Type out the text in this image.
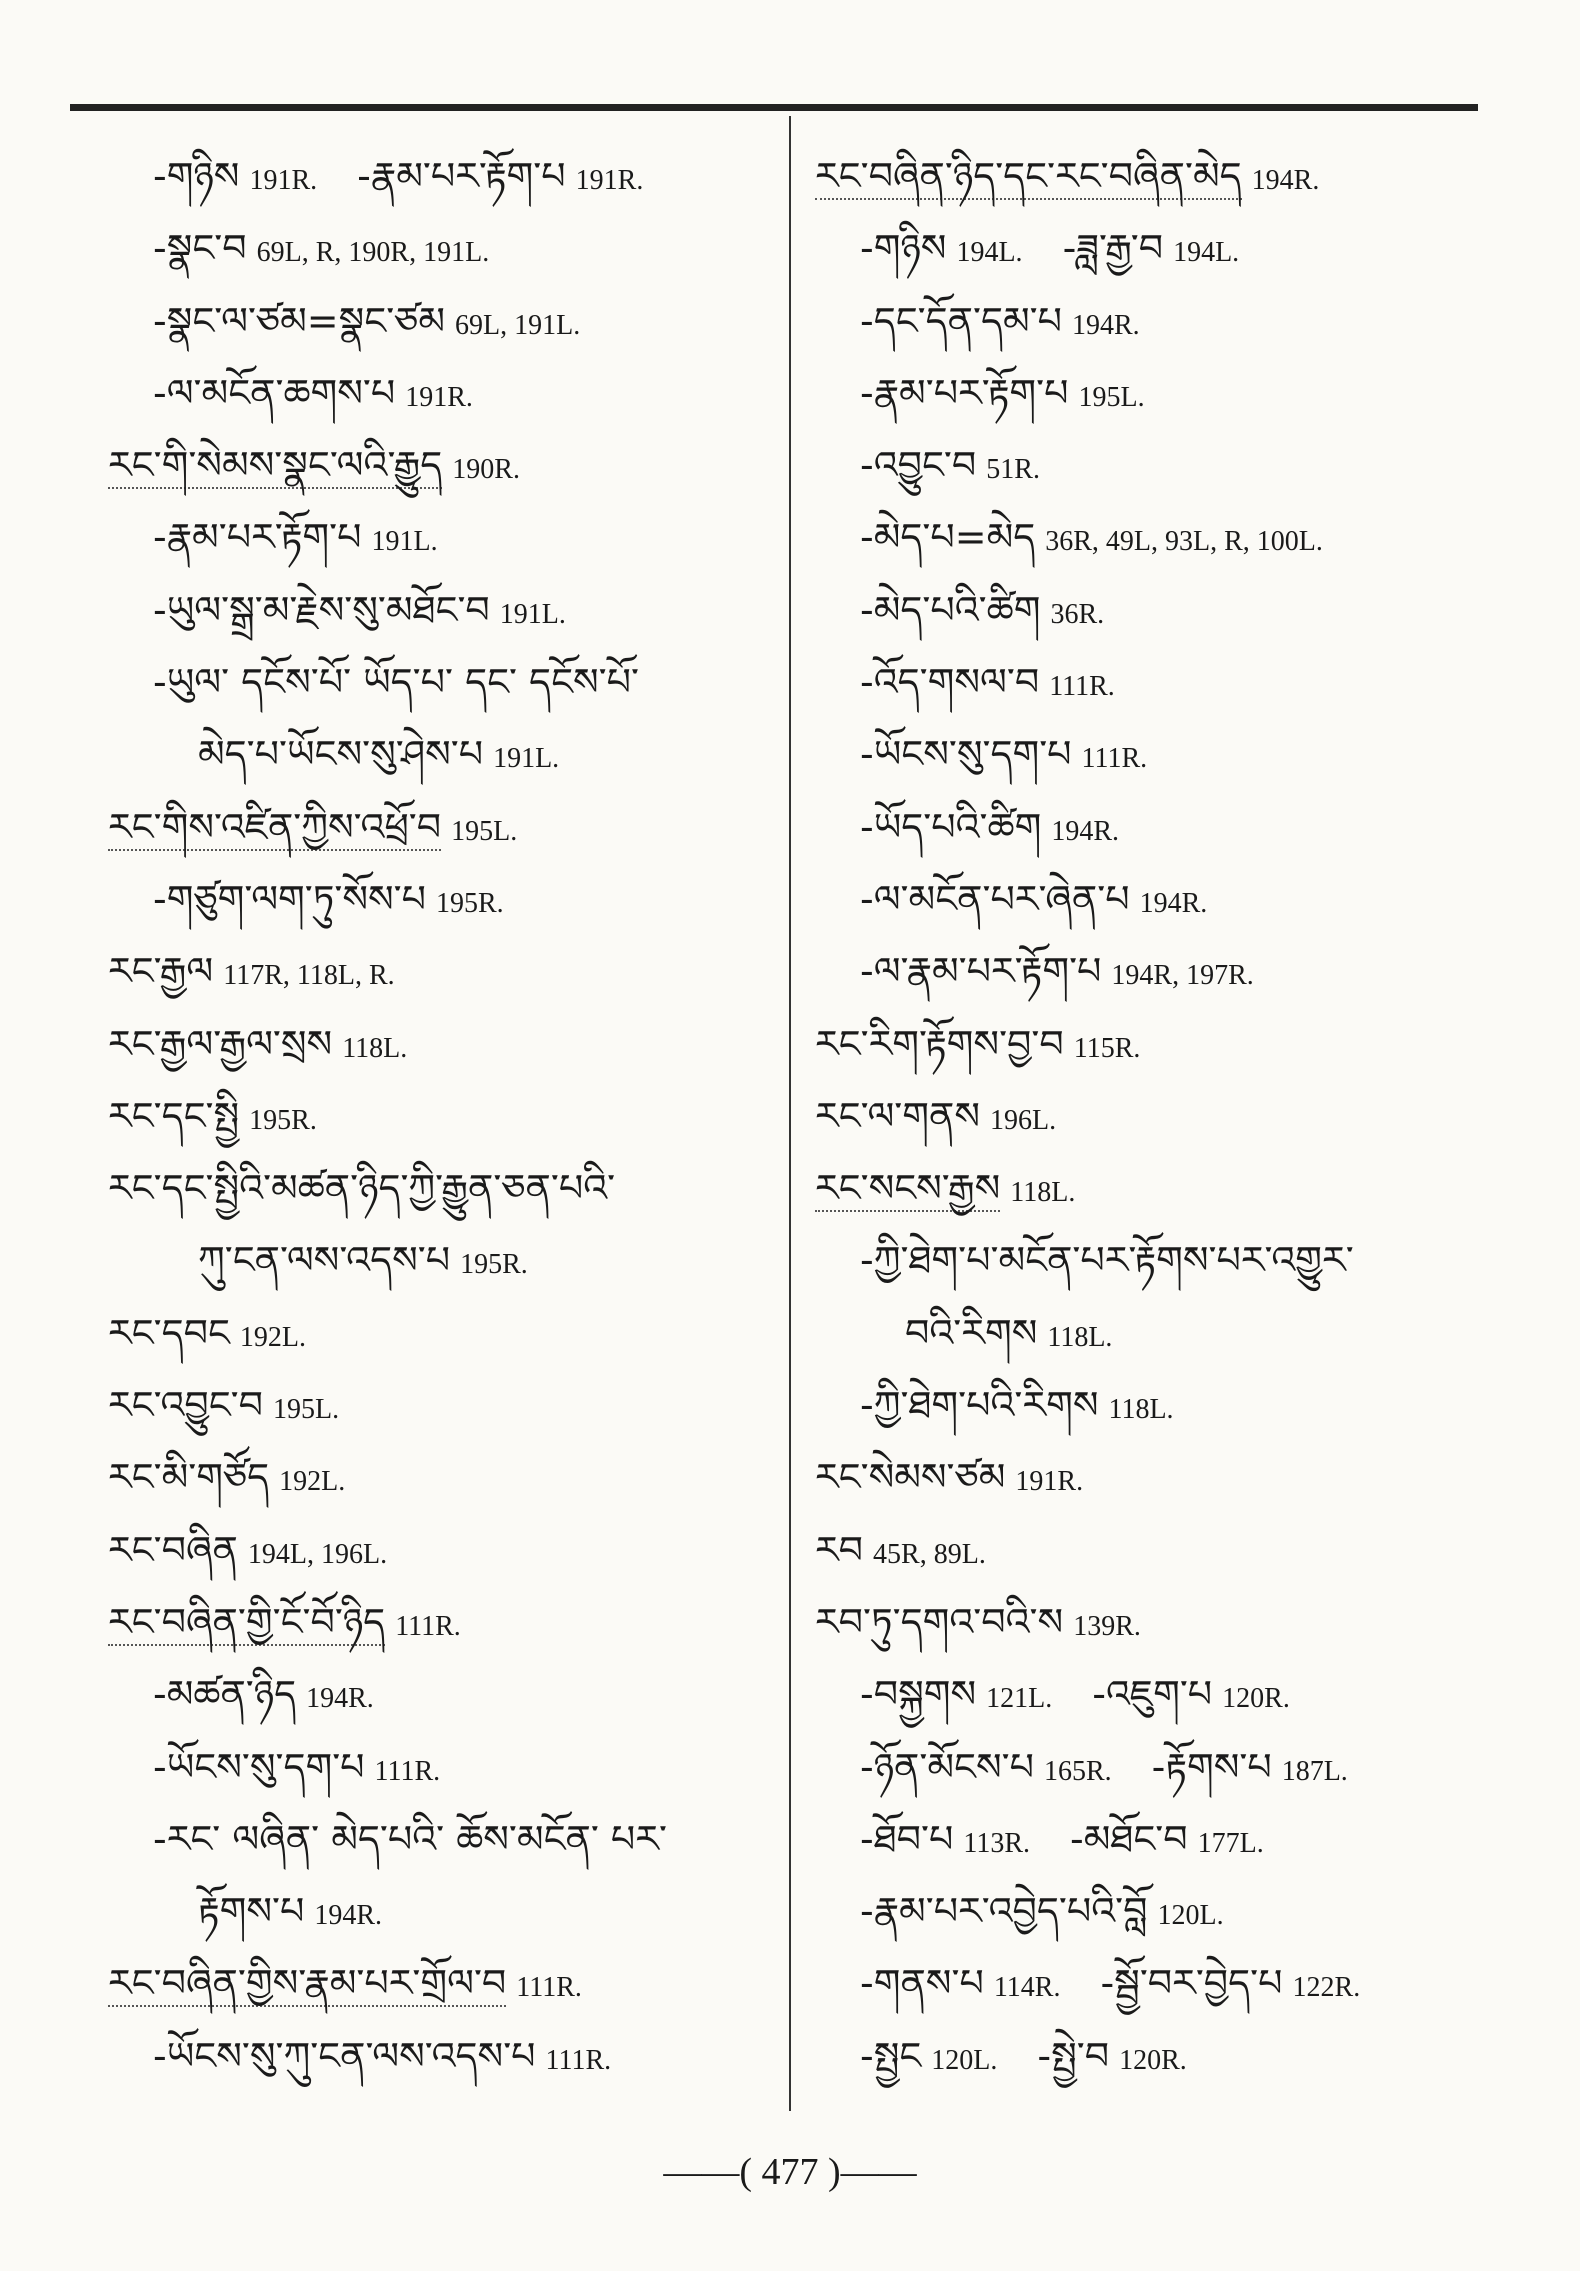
-གཉིས 191R. -རྣམ་པར་རྟོག་པ 191R.
-སྣང་བ 69L, R, 190R, 191L.
-སྣང་ལ་ཙམ=སྣང་ཙམ 69L, 191L.
-ལ་མངོན་ཆགས་པ 191R.
རང་གི་སེམས་སྣང་ལའི་རྒྱུད 190R.
-རྣམ་པར་རྟོག་པ 191L.
-ཡུལ་སྒྲ་མ་རྗེས་སུ་མཐོང་བ 191L.
-ཡུལ་ དངོས་པོ་ ཡོད་པ་ དང་ དངོས་པོ་
མེད་པ་ཡོངས་སུ་ཤེས་པ 191L.
རང་གིས་འཛིན་ཀྱིས་འཕྲོ་བ 195L.
-གཙུག་ལག་ཏུ་སོས་པ 195R.
རང་རྒྱལ 117R, 118L, R.
རང་རྒྱལ་རྒྱལ་སྲས 118L.
རང་དང་སྤྱི 195R.
རང་དང་སྤྱིའི་མཚན་ཉིད་ཀྱི་རྒྱུན་ཅན་པའི་
ཀུ་ངན་ལས་འདས་པ 195R.
རང་དབང 192L.
རང་འབྱུང་བ 195L.
རང་མི་གཙོད 192L.
རང་བཞིན 194L, 196L.
རང་བཞིན་གྱི་ངོ་བོ་ཉིད 111R.
-མཚན་ཉིད 194R.
-ཡོངས་སུ་དག་པ 111R.
-རང་ ལཞིན་ མེད་པའི་ ཆོས་མངོན་ པར་
རྟོགས་པ 194R.
རང་བཞིན་གྱིས་རྣམ་པར་གྲོལ་བ 111R.
-ཡོངས་སུ་ཀུ་ངན་ལས་འདས་པ 111R.
རང་བཞིན་ཉིད་དང་རང་བཞིན་མེད 194R.
-གཉིས 194L. -ཟླ་རྒྱ་བ 194L.
-དང་དོན་དམ་པ 194R.
-རྣམ་པར་རྟོག་པ 195L.
-འབྱུང་བ 51R.
-མེད་པ=མེད 36R, 49L, 93L, R, 100L.
-མེད་པའི་ཚིག 36R.
-འོད་གསལ་བ 111R.
-ཡོངས་སུ་དག་པ 111R.
-ཡོད་པའི་ཚིག 194R.
-ལ་མངོན་པར་ཞེན་པ 194R.
-ལ་རྣམ་པར་རྟོག་པ 194R, 197R.
རང་རིག་རྟོགས་བྱ་བ 115R.
རང་ལ་གནས 196L.
རང་སངས་རྒྱས 118L.
-ཀྱི་ཐེག་པ་མངོན་པར་རྟོགས་པར་འགྱུར་
བའི་རིགས 118L.
-ཀྱི་ཐེག་པའི་རིགས 118L.
རང་སེམས་ཙམ 191R.
རབ 45R, 89L.
རབ་ཏུ་དགའ་བའི་ས 139R.
-བསྐྱགས 121L. -འཇུག་པ 120R.
-ཉོན་མོངས་པ 165R. -རྟོགས་པ 187L.
-ཐོབ་པ 113R. -མཐོང་བ 177L.
-རྣམ་པར་འབྱེད་པའི་བློ 120L.
-གནས་པ 114R. -སྦྱོ་བར་བྱེད་པ 122R.
-སྤྱང 120L. -སྤྱེ་བ 120R.
——( 477 )——
